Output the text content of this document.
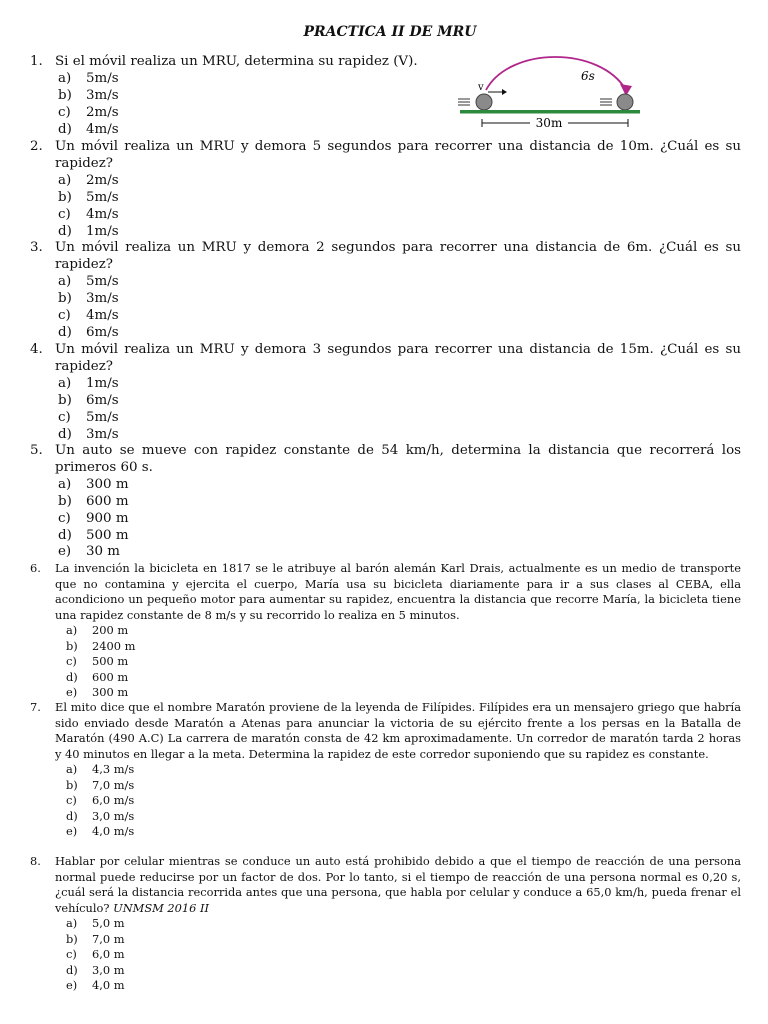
PRACTICA II DE MRU
1. Si el móvil realiza un MRU, determina su rapidez (V).
a)	5m/s
b)	3m/s
c)	2m/s
d)	4m/s
6s
v
30m
2. Un móvil realiza un MRU y demora 5 segundos para recorrer una distancia de 10m. ¿Cuál es su rapidez?
a)	2m/s
b)	5m/s
c)	4m/s
d)	1m/s
3. Un móvil realiza un MRU y demora 2 segundos para recorrer una distancia de 6m. ¿Cuál es su rapidez?
a)	5m/s
b)	3m/s
c)	4m/s
d)	6m/s
4. Un móvil realiza un MRU y demora 3 segundos para recorrer una distancia de 15m. ¿Cuál es su rapidez?
a)	1m/s
b)	6m/s
c)	5m/s
d)	3m/s
5. Un auto se mueve con rapidez constante de 54 km/h, determina la distancia que recorrerá los primeros 60 s.
a)	300 m
b)	600 m
c)	900 m
d)	500 m
e)	30 m
6.	La invención la bicicleta en 1817 se le atribuye al barón alemán Karl Drais, actualmente es un medio de transporte que no contamina y ejercita el cuerpo, María usa su bicicleta diariamente para ir a sus clases al CEBA, ella acondiciono un pequeño motor para aumentar su rapidez, encuentra la distancia que recorre María, la bicicleta tiene una rapidez constante de 8 m/s y su recorrido lo realiza en 5 minutos.
a)	200 m
b)	2400 m
c)	500 m
d)	600 m
e)	300 m
7.	El mito dice que el nombre Maratón proviene de la leyenda de Filípides. Filípides era un mensajero griego que habría sido enviado desde Maratón a Atenas para anunciar la victoria de su ejército frente a los persas en la Batalla de Maratón (490 A.C) La carrera de maratón consta de 42 km aproximadamente. Un corredor de maratón tarda 2 horas y 40 minutos en llegar a la meta. Determina la rapidez de este corredor suponiendo que su rapidez es constante.
a)	4,3 m/s
b)	7,0 m/s
c)	6,0 m/s
d)	3,0 m/s
e)	4,0 m/s
8.	Hablar por celular mientras se conduce un auto está prohibido debido a que el tiempo de reacción de una persona normal puede reducirse por un factor de dos. Por lo tanto, si el tiempo de reacción de una persona normal es 0,20 s, ¿cuál será la distancia recorrida antes que una persona, que habla por celular y conduce a 65,0 km/h, pueda frenar el vehículo? UNMSM 2016 II
a)	5,0 m
b)	7,0 m
c)	6,0 m
d)	3,0 m
e)	4,0 m
